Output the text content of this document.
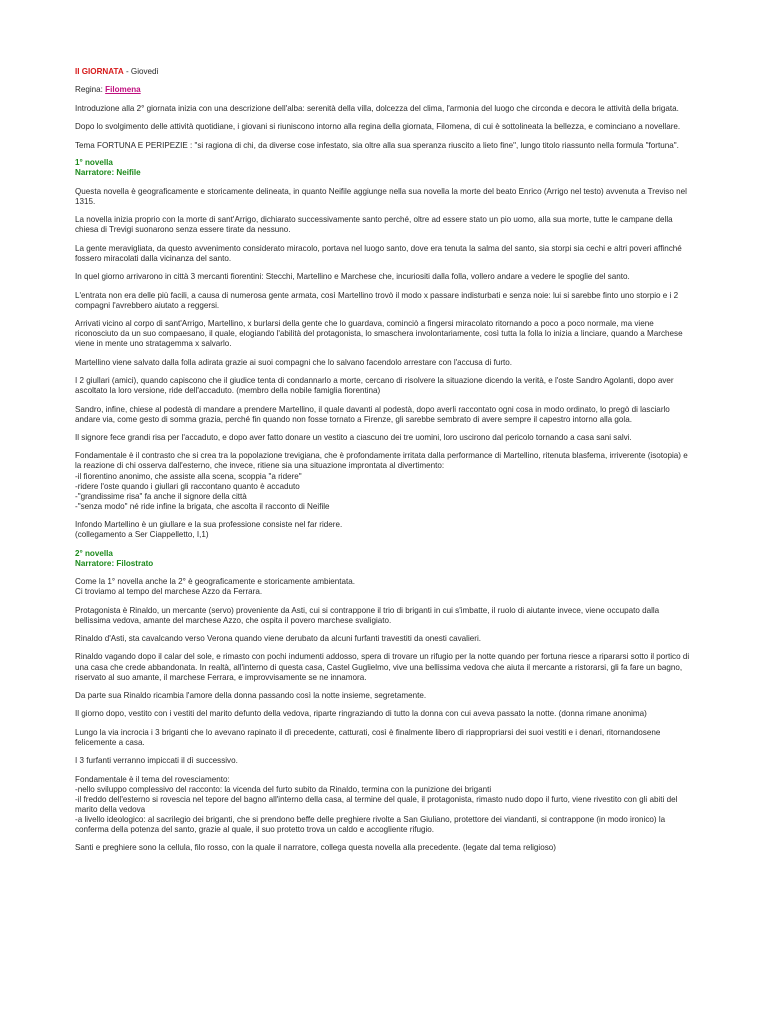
II GIORNATA - Giovedì

Regina: Filomena

Introduzione alla 2° giornata inizia con una descrizione dell'alba: serenità della villa, dolcezza del clima, l'armonia del luogo che circonda e decora le attività della brigata.

Dopo lo svolgimento delle attività quotidiane, i giovani si riuniscono intorno alla regina della giornata, Filomena, di cui è sottolineata la bellezza, e cominciano a novellare.

Tema FORTUNA E PERIPEZIE : "si ragiona di chi, da diverse cose infestato, sia oltre alla sua speranza riuscito a lieto fine", lungo titolo riassunto nella formula "fortuna".

1° novella

Narratore: Neifile

Questa novella è geograficamente e storicamente delineata, in quanto Neifile aggiunge nella sua novella la morte del beato Enrico (Arrigo nel testo) avvenuta a Treviso nel 1315.

La novella inizia proprio con la morte di sant'Arrigo, dichiarato successivamente santo perché, oltre ad essere stato un pio uomo, alla sua morte, tutte le campane della chiesa di Trevigi suonarono senza essere tirate da nessuno.

La gente meravigliata, da questo avvenimento considerato miracolo, portava nel luogo santo, dove era tenuta la salma del santo, sia storpi sia cechi e altri poveri affinché fossero miracolati dalla vicinanza del santo.

In quel giorno arrivarono in città 3 mercanti fiorentini: Stecchi, Martellino e Marchese che, incuriositi dalla folla, vollero andare a vedere le spoglie del santo.

L'entrata non era delle più facili, a causa di numerosa gente armata, così Martellino trovò il modo x passare indisturbati e senza noie: lui si sarebbe finto uno storpio e i 2 compagni l'avrebbero aiutato a reggersi.

Arrivati vicino al corpo di sant'Arrigo, Martellino, x burlarsi della gente che lo guardava, cominciò a fingersi miracolato ritornando a poco a poco normale, ma viene riconosciuto da un suo compaesano, il quale, elogiando l'abilità del protagonista, lo smaschera involontariamente, così tutta la folla lo inizia a linciare, quando a Marchese viene in mente uno stratagemma x salvarlo.

Martellino viene salvato dalla folla adirata grazie ai suoi compagni che lo salvano facendolo arrestare con l'accusa di furto.

I 2 giullari (amici), quando capiscono che il giudice tenta di condannarlo a morte, cercano di risolvere la situazione dicendo la verità, e l'oste Sandro Agolanti, dopo aver ascoltato la loro versione, ride dell'accaduto. (membro della nobile famiglia fiorentina)

Sandro, infine, chiese al podestà di mandare a prendere Martellino, il quale davanti al podestà, dopo averli raccontato ogni cosa in modo ordinato, lo pregò di lasciarlo andare via, come gesto di somma grazia, perché fin quando non fosse tornato a Firenze, gli sarebbe sembrato di avere sempre il capestro intorno alla gola.

Il signore fece grandi risa per l'accaduto, e dopo aver fatto donare un vestito a ciascuno dei tre uomini, loro uscirono dal pericolo tornando a casa sani salvi.

Fondamentale è il contrasto che si crea tra la popolazione trevigiana, che è profondamente irritata dalla performance di Martellino, ritenuta blasfema, irriverente (isotopia) e la reazione di chi osserva dall'esterno, che invece, ritiene sia una situazione improntata al divertimento:
-il fiorentino anonimo, che assiste alla scena, scoppia "a ridere"
-ridere l'oste quando i giullari gli raccontano quanto è accaduto
-"grandissime risa" fa anche il signore della città
-"senza modo" né ride infine la brigata, che ascolta il racconto di Neifile

Infondo Martellino è un giullare e la sua professione consiste nel far ridere.
(collegamento a Ser Ciappelletto, I,1)

2° novella

Narratore: Filostrato

Come la 1° novella anche la 2° è geograficamente e storicamente ambientata.
Ci troviamo al tempo del marchese Azzo da Ferrara.

Protagonista è Rinaldo, un mercante (servo) proveniente da Asti, cui si contrappone il trio di briganti in cui s'imbatte, il ruolo di aiutante invece, viene occupato dalla bellissima vedova, amante del marchese Azzo, che ospita il povero marchese svaligiato.

Rinaldo d'Asti, sta cavalcando verso Verona quando viene derubato da alcuni furfanti travestiti da onesti cavalieri.

Rinaldo vagando dopo il calar del sole, e rimasto con pochi indumenti addosso, spera di trovare un rifugio per la notte quando per fortuna riesce a ripararsi sotto il portico di una casa che crede abbandonata. In realtà, all'interno di questa casa, Castel Guglielmo, vive una bellissima vedova che aiuta il mercante a ristorarsi, gli fa fare un bagno, riservato al suo amante, il marchese Ferrara, e improvvisamente se ne innamora.

Da parte sua Rinaldo ricambia l'amore della donna passando così la notte insieme, segretamente.

Il giorno dopo, vestito con i vestiti del marito defunto della vedova, riparte ringraziando di tutto la donna con cui aveva passato la notte. (donna rimane anonima)

Lungo la via incrocia i 3 briganti che lo avevano rapinato il dì precedente, catturati, così è finalmente libero di riappropriarsi dei suoi vestiti e i denari, ritornandosene felicemente a casa.

I 3 furfanti verranno impiccati il dì successivo.

Fondamentale è il tema del rovesciamento:
-nello sviluppo complessivo del racconto: la vicenda del furto subito da Rinaldo, termina con la punizione dei briganti
-il freddo dell'esterno si rovescia nel tepore del bagno all'interno della casa, al termine del quale, il protagonista, rimasto nudo dopo il furto, viene rivestito con gli abiti del marito della vedova
-a livello ideologico: al sacrilegio dei briganti, che si prendono beffe delle preghiere rivolte a San Giuliano, protettore dei viandanti, si contrappone (in modo ironico) la conferma della potenza del santo, grazie al quale, il suo protetto trova un caldo e accogliente rifugio.

Santi e preghiere sono la cellula, filo rosso, con la quale il narratore, collega questa novella alla precedente. (legate dal tema religioso)
